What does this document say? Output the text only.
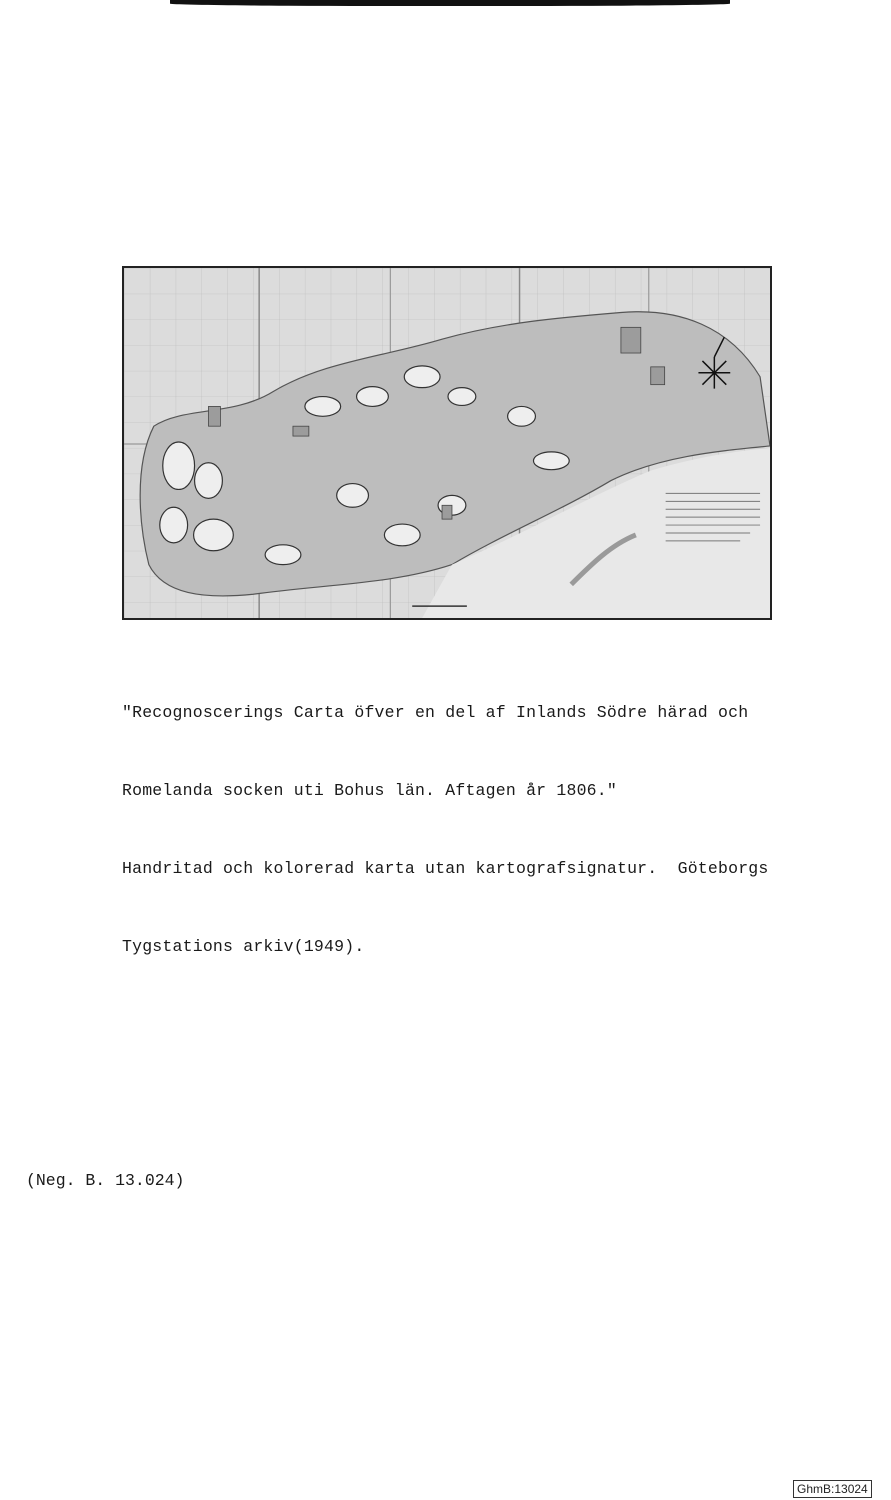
"Recognoscerings Carta öfver en del af Inlands Södre härad och

Romelanda socken uti Bohus län. Aftagen år 1806."

Handritad och kolorerad karta utan kartografsignatur.  Göteborgs

Tygstations arkiv(1949).

(Neg. B. 13.024)
GhmB:13024
